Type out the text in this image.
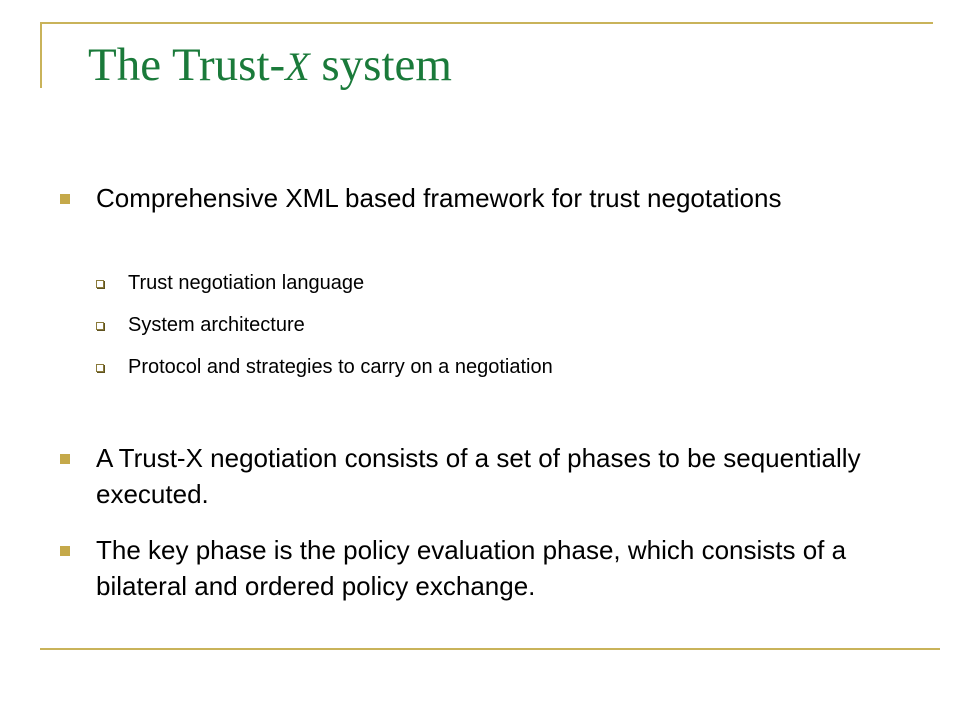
The Trust-X system
Comprehensive XML based framework for trust negotations
Trust negotiation language
System architecture
Protocol and strategies to carry on a negotiation
A Trust-X negotiation consists of a set of phases to be sequentially executed.
The key phase is the policy evaluation phase, which consists of a bilateral and ordered policy exchange.
